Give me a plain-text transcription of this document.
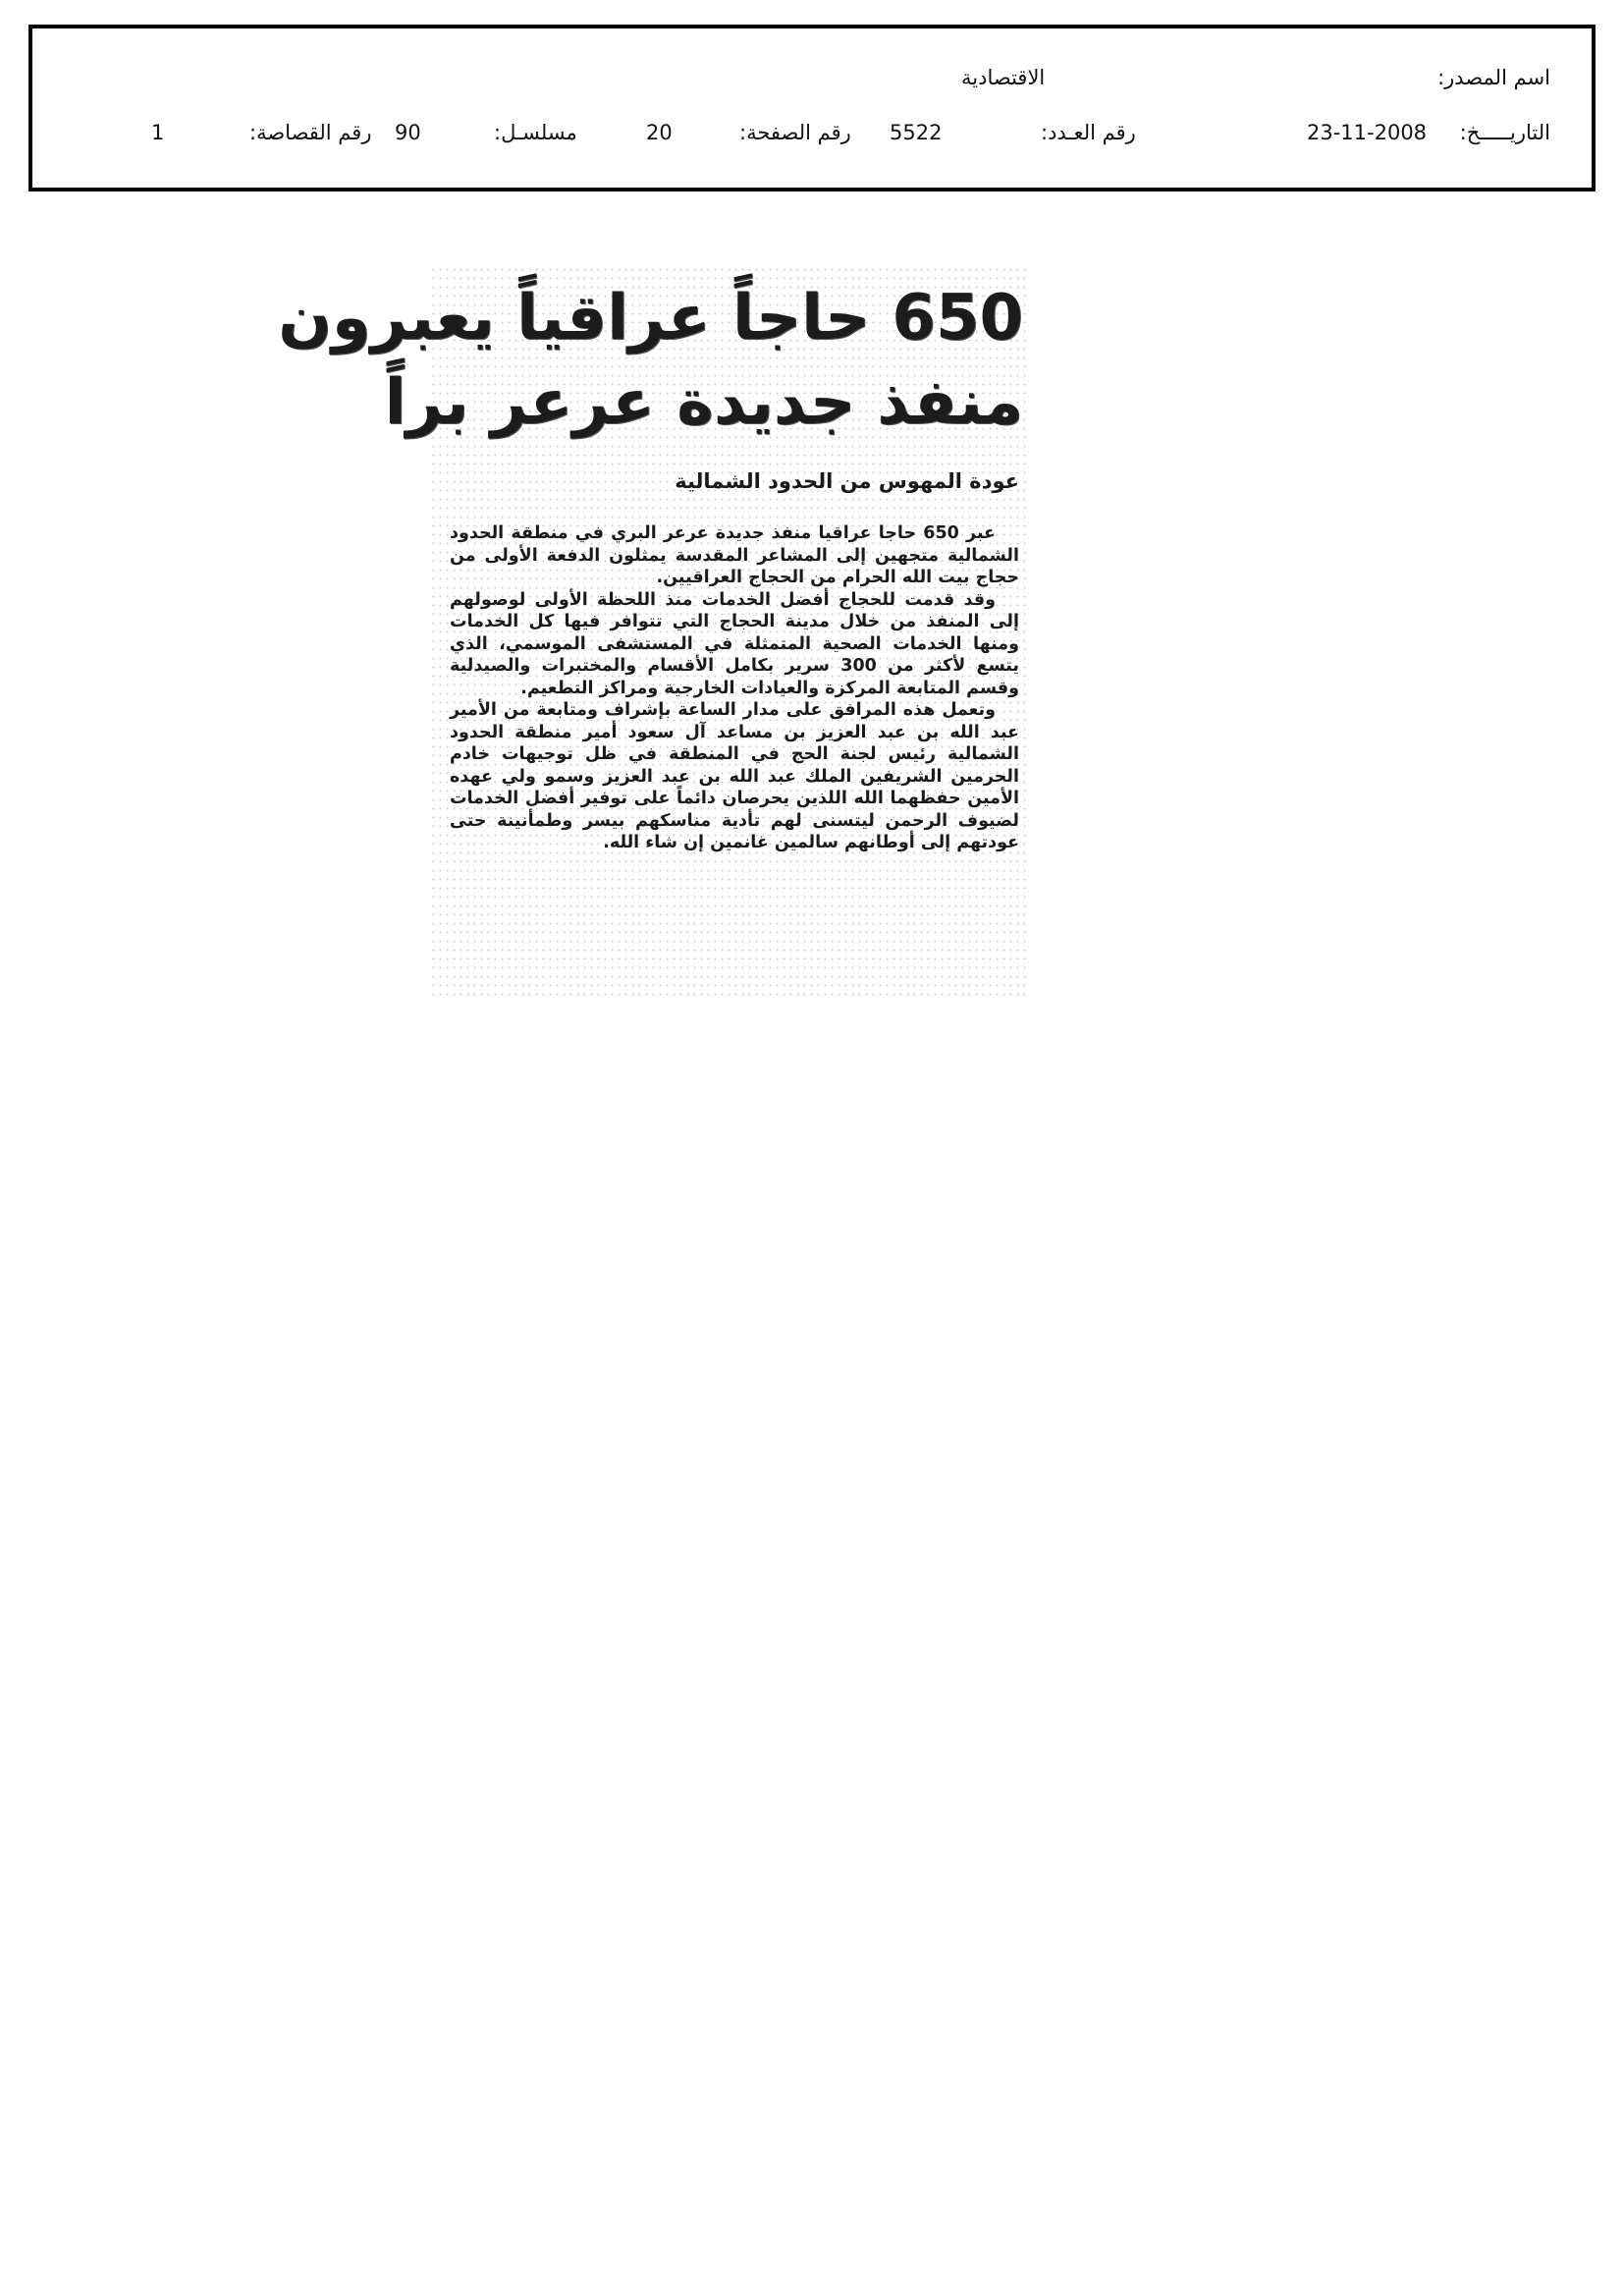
اسم المصدر:
الاقتصادية
التاريـــــخ:
23-11-2008
رقم العـدد:
5522
رقم الصفحة:
20
مسلسـل:
رقم القصاصة: 90
1
650 حاجاً عراقياً يعبرون
منفذ جديدة عرعر براً
عودة المهوس من الحدود الشمالية

عبر 650 حاجا عراقيا منفذ جديدة عرعر البري في منطقة الحدود الشمالية متجهين إلى المشاعر المقدسة يمثلون الدفعة الأولى من حجاج بيت الله الحرام من الحجاج العراقيين.

وقد قدمت للحجاج أفضل الخدمات منذ اللحظة الأولى لوصولهم إلى المنفذ من خلال مدينة الحجاج التي تتوافر فيها كل الخدمات ومنها الخدمات الصحية المتمثلة في المستشفى الموسمي، الذي يتسع لأكثر من 300 سرير بكامل الأقسام والمختبرات والصيدلية وقسم المتابعة المركزة والعيادات الخارجية ومراكز التطعيم.

وتعمل هذه المرافق على مدار الساعة بإشراف ومتابعة من الأمير عبد الله بن عبد العزيز بن مساعد آل سعود أمير منطقة الحدود الشمالية رئيس لجنة الحج في المنطقة في ظل توجيهات خادم الحرمين الشريفين الملك عبد الله بن عبد العزيز وسمو ولي عهده الأمين حفظهما الله اللذين يحرصان دائماً على توفير أفضل الخدمات لضيوف الرحمن ليتسنى لهم تأدية مناسكهم بيسر وطمأنينة حتى عودتهم إلى أوطانهم سالمين غانمين إن شاء الله.
